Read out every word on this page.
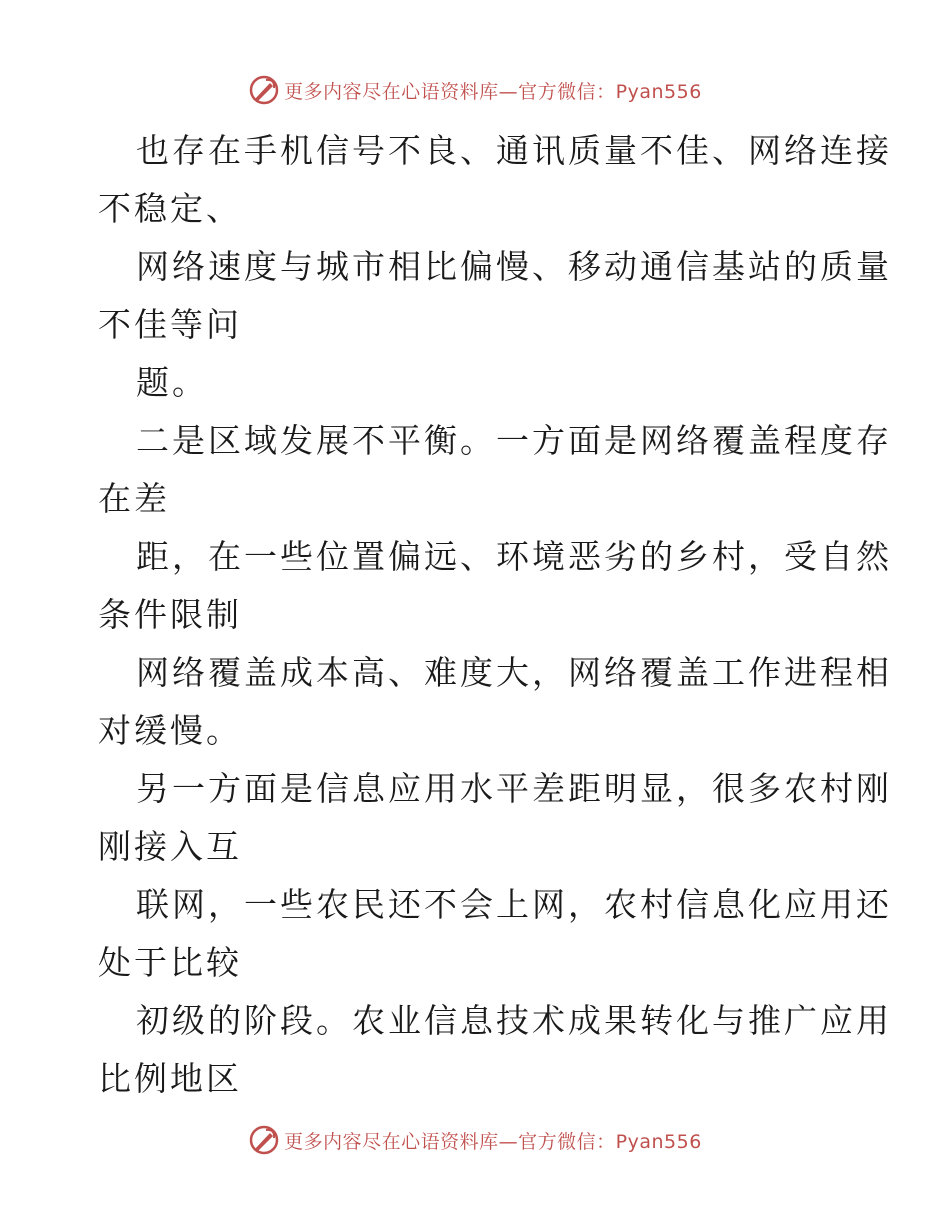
更多内容尽在心语资料库—官方微信：Pyan556
也存在手机信号不良、通讯质量不佳、网络连接
不稳定、
网络速度与城市相比偏慢、移动通信基站的质量
不佳等问
题。
二是区域发展不平衡。一方面是网络覆盖程度存
在差
距，在一些位置偏远、环境恶劣的乡村，受自然
条件限制
网络覆盖成本高、难度大，网络覆盖工作进程相
对缓慢。
另一方面是信息应用水平差距明显，很多农村刚
刚接入互
联网，一些农民还不会上网，农村信息化应用还
处于比较
初级的阶段。农业信息技术成果转化与推广应用
比例地区
更多内容尽在心语资料库—官方微信：Pyan556
